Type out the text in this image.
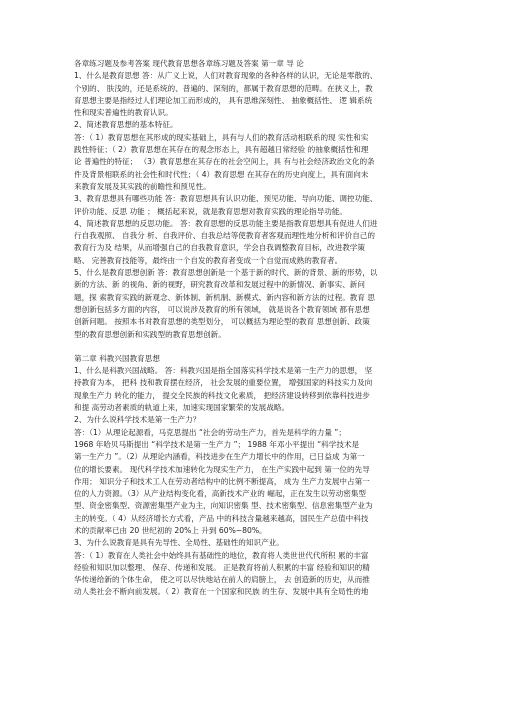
各章练习题及参考答案 现代教育思想各章练习题及答案 第一章 导 论
1、什么是教育思想 答：从广义上说，人们对教育现象的各种各样的认识，无论是零散的、
个别的、 肤浅的，还是系统的、普遍的、深刻的，都属于教育思想的范畴。在狭义上，教
育思想主要是指经过人们理论加工而形成的， 具有思维深刻性、 抽象概括性、 逻 辑系统
性和现实普遍性的教育认识。
2、简述教育思想的基本特征。
答：（ 1）教育思想在其形成的现实基础上，具有与人们的教育活动相联系的现 实性和实
践性特征；（ 2）教育思想在其存在的观念形态上，具有超越日常经验 的抽象概括性和理
论 普遍性的特征； （3）教育思想在其存在的社会空间上，具 有与社会经济政治文化的条
件及背景相联系的社会性和时代性；（ 4）教育思想 在其存在的历史向度上，具有面向未
来教育发展及其实践的前瞻性和预见性。
3、教育思想具有哪些功能 答：教育思想具有认识功能、预见功能、导向功能、调控功能、
评价功能、反思 功能 ； 概括起来说，就是教育思想对教育实践的理论指导功能。
4、简述教育思想的反思功能。 答：教育思想的反思功能主要是指教育思想具有促进人们进
行自我观照、 自我分 析、自我评价、自我总结等使教育者客观而理性地分析和评价自己的
教育行为及 结果，从而增强自己的自我教育意识，学会自我调整教育目标，改进教学策
略、 完善教育技能等，最终由一个自发的教育者变成一个自觉而成熟的教育者。
5、什么是教育思想创新 答：教育思想创新是一个基于新的时代、新的背景、新的形势，以
新的方法、新 的视角、新的视野，研究教育改革和发展过程中的新情况、新事实、新问
题，探 索教育实践的新观念、新体制、新机制、新模式、新内容和新方法的过程。教育 思
想创新包括多方面的内容， 可以说涉及教育的所有领域， 就是说各个教育领域 都有思想
创新问题。 按照本书对教育思想的类型划分， 可以概括为理论型的教育 思想创新、政策
型的教育思想创新和实践型的教育思想创新。
第二章 科教兴国教育思想
1、什么是科教兴国战略。 答：科教兴国是指全国落实科学技术是第一生产力的思想， 坚
持教育为本， 把科 技和教育摆在经济， 社会发展的重要位置， 增强国家的科技实力及向
现象生产力 转化的能力， 提交全民族的科技文化素质， 把经济建设转移到依靠科技进步
和提 高劳动者素质的轨道上来，加速实现国家繁荣的发展战略。
2、为什么说科学技术是第一生产力？
答：（1）从理论起源看，马克思提出 “社会的劳动生产力，首先是科学的力量 ”；
1968 年哈贝马斯提出 “科学技术是第一生产力 ”； 1988 年邓小平提出 “科学技术是
第一生产力 ”。（2）从理论内涵看，科技进步在生产力增长中的作用，已日益成 为第一
位的增长要素。 现代科学技术加速转化为现实生产力， 在生产实践中起到 第一位的先导
作用； 知识分子和技术工人在劳动者结构中的比例不断提高， 成为 生产力发展中占第一
位的人力资源。（3）从产业结构变化看，高新技术产业的 崛起，正在发生以劳动密集型
型、资金密集型、资源密集型产业为主，向知识密集 型、技术密集型、信息密集型产业为
主的转变。（ 4）从经济增长方式看，产品 中的科技含量越来越高，国民生产总值中科技
术的贡献率已由 20 世纪初的 20%上 升到 60%~80%。
3、为什么说教育是具有先导性、全局性、基础性的知识产业。
答：（ 1）教育在人类社会中始终具有基础性的地位，教育将人类世世代代所积 累的丰富
经验和知识加以整理、 保存、传递和发展。 正是教育将前人积累的丰富 经验和知识的精
华传递给新的个体生命， 使之可以尽快地站在前人的肩膀上， 去 创造新的历史，从而推
动人类社会不断向前发展。（ 2）教育在一个国家和民族 的生存、发展中具有全局性的地
